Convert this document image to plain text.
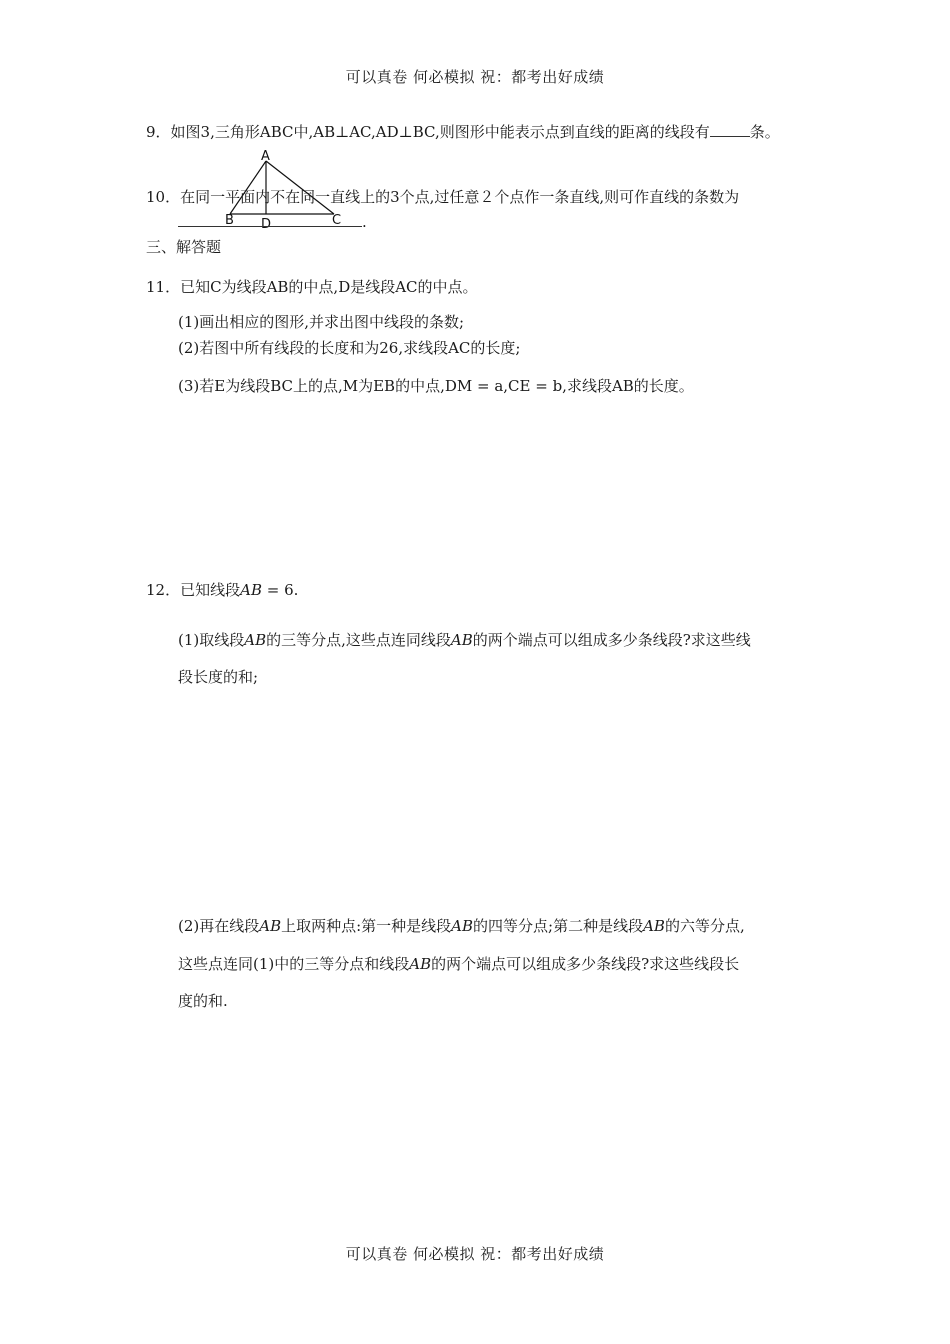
可以真卷 何必模拟 祝：都考出好成绩
9．如图3,三角形ABC中,AB⊥AC,AD⊥BC,则图形中能表示点到直线的距离的线段有	条。
A
B D	C
10．在同一平面内不在同一直线上的3个点,过任意２个点作一条直线,则可作直线的条数为
.
三、解答题
11．已知C为线段AB的中点,D是线段AC的中点。
(1)画出相应的图形,并求出图中线段的条数;
(2)若图中所有线段的长度和为26,求线段AC的长度;
(3)若E为线段BC上的点,M为EB的中点,DM = a,CE = b,求线段AB的长度。
12．已知线段AB = 6.
(1)取线段AB的三等分点,这些点连同线段AB的两个端点可以组成多少条线段?求这些线
段长度的和;
(2)再在线段AB上取两种点:第一种是线段AB的四等分点;第二种是线段AB的六等分点,
这些点连同(1)中的三等分点和线段AB的两个端点可以组成多少条线段?求这些线段长
度的和.
可以真卷 何必模拟 祝：都考出好成绩
